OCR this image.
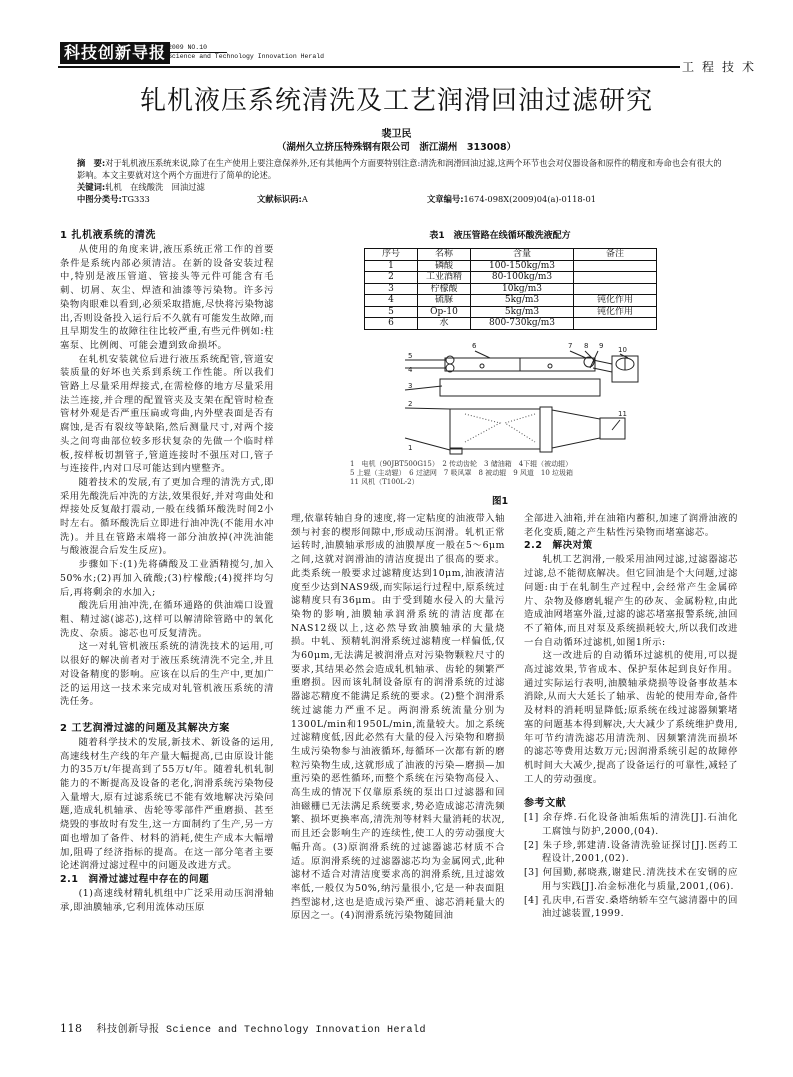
科技创新导报 2009 NO.10
Science and Technology Innovation Herald
工程技术
轧机液压系统清洗及工艺润滑回油过滤研究
裴卫民
（湖州久立挤压特殊钢有限公司　浙江湖州　313008）
摘　要:对于轧机液压系统来说,除了在生产使用上要注意保养外,还有其他两个方面要特别注意:清洗和润滑回油过滤,这两个环节也会对仪器设备和原件的精度和寿命也会有很大的影响。本文主要就对这个两个方面进行了简单的论述。
关键词:轧机　在线酸洗　回油过滤
中图分类号:TG333	文献标识码:A	文章编号:1674-098X(2009)04(a)-0118-01
1 扎机液系统的清洗

从使用的角度来讲,液压系统正常工作的首要条件是系统内部必须清洁。在新的设备安装过程中,特别是液压管道、管接头等元件可能含有毛刺、切屑、灰尘、焊渣和油漆等污染物。许多污染物肉眼难以看到,必须采取措施,尽快将污染物滤出,否则设备投入运行后不久就有可能发生故障,而且早期发生的故障往往比较严重,有些元件例如:柱塞泵、比例阀、可能会遭到致命损坏。

在轧机安装就位后进行液压系统配管,管道安装质量的好坏也关系到系统工作性能。所以我们管路上尽量采用焊接式,在需检修的地方尽量采用法兰连接,并合理的配置管夹及支架在配管时检查管材外观是否严重压扁或弯曲,内外壁表面是否有腐蚀,是否有裂纹等缺陷,然后测量尺寸,对两个接头之间弯曲部位较多形状复杂的先做一个临时样板,按样板切割管子,管道连接时不强压对口,管子与连接件,内对口尽可能达到内壁整齐。

随着技术的发展,有了更加合理的清洗方式,即采用先酸洗后冲洗的方法,效果很好,并对弯曲处和焊接处反复敲打震动,一般在线循环酸洗时间2小时左右。循环酸洗后立即进行油冲洗(不能用水冲洗)。并且在管路末端将一部分油放掉(冲洗油能与酸液混合后发生反应)。

步骤如下:(1)先将磷酸及工业酒精搅匀,加入50%水;(2)再加入硫酸;(3)柠檬酸;(4)搅拌均匀后,再将剩余的水加入;

酸洗后用油冲洗,在循环通路的供油端口设置粗、精过滤(滤芯),这样可以解清除管路中的氧化洗皮、杂质。滤芯也可反复清洗。

这一对轧管机液压系统的清洗技术的运用,可以很好的解决前者对于液压系统清洗不完全,并且对设备精度的影响。应该在以后的生产中,更加广泛的运用这一技术来完成对轧管机液压系统的清洗任务。

2 工艺润滑过滤的问题及其解决方案

随着科学技术的发展,新技术、新设备的运用,高速线材生产线的年产量大幅提高,已由原设计能力的35万t/年提高到了55万t/年。随着轧机轧制能力的不断提高及设备的老化,润滑系统污染物侵入量增大,原有过滤系统已不能有效地解决污染问题,造成轧机轴承、齿轮等零部件严重磨损、甚至烧毁的事故时有发生,这一方面制约了生产,另一方面也增加了备件、材料的消耗,使生产成本大幅增加,阻碍了经济指标的提高。在这一部分笔者主要论述润滑过滤过程中的问题及改进方式。

2.1　润滑过滤过程中存在的问题

(1)高速线材精轧机组中广泛采用动压润滑轴承,即油膜轴承,它利用流体动压原

表1　液压管路在线循环酸洗液配方
序号	名称	含量	备注
1	磷酸	100-150kg/m3	
2	工业酒精	80-100kg/m3	
3	柠檬酸	10kg/m3	
4	硫脲	5kg/m3	钝化作用
5	Op-10	5kg/m3	钝化作用
6	水	800-730kg/m3	
1
2
3
4
5
6	7 8 9 10
11
1　电机（90JBT500G15）　2 传动齿轮　3 储油箱　4下辊（被动辊）
5 上辊（主动辊）　6 过滤网　7 吸风罩　8 被动辊　9 风道　10 垃圾箱
11 风机（T100L-2）
图1

理,依靠转轴自身的速度,将一定粘度的油液带入轴颈与衬套的楔形间隙中,形成动压润滑。轧机正常运转时,油膜轴承形成的油膜厚度一般在5～6μm之间,这就对润滑油的清洁度提出了很高的要求。此类系统一般要求过滤精度达到10μm,油液清洁度至少达到NAS9级,而实际运行过程中,原系统过滤精度只有36μm。由于受到随水侵入的大量污染物的影响,油膜轴承润滑系统的清洁度都在NAS12级以上,这必然导致油膜轴承的大量烧损。中轧、预精轧润滑系统过滤精度一样偏低,仅为60μm,无法满足被润滑点对污染物颗粒尺寸的要求,其结果必然会造成轧机轴承、齿轮的频繁严重磨损。因而该轧制设备原有的润滑系统的过滤器滤芯精度不能满足系统的要求。(2)整个润滑系统过滤能力严重不足。两润滑系统流量分别为1300L/min和1950L/min,流量较大。加之系统过滤精度低,因此必然有大量的侵入污染物和磨损生成污染物参与油液循环,每循环一次都有新的磨粒污染物生成,这就形成了油液的污染—磨损—加重污染的恶性循环,而整个系统在污染物高侵入、高生成的情况下仅靠原系统的泵出口过滤器和回油磁栅已无法满足系统要求,势必造成滤芯清洗频繁、损坏更换率高,清洗剂等材料大量消耗的状况,而且还会影响生产的连续性,使工人的劳动强度大幅升高。(3)原润滑系统的过滤器滤芯材质不合适。原润滑系统的过滤器滤芯均为金属网式,此种滤材不适合对清洁度要求高的润滑系统,且过滤效率低,一般仅为50%,纳污量很小,它是一种表面阻挡型滤材,这也是造成污染严重、滤芯消耗量大的原因之一。(4)润滑系统污染物随回油

全部进入油箱,并在油箱内蓄积,加速了润滑油液的老化变质,随之产生粘性污染物而堵塞滤芯。

2.2　解决对策

轧机工艺润滑,一般采用油网过滤,过滤器滤芯过滤,总不能彻底解决。但它回油是个大问题,过滤问题:由于在轧制生产过程中,会经常产生金属碎片、杂物及修磨轧辊产生的砂灰、金属粉粒,由此造成油网堵塞外溢,过滤的滤芯堵塞报警系统,油回不了箱体,而且对泵及系统损耗较大,所以我们改进一台自动循环过滤机,如图1所示:

这一改进后的自动循环过滤机的使用,可以提高过滤效果,节省成本、保护泵体起到良好作用。通过实际运行表明,油膜轴承烧损等设备事故基本消除,从而大大延长了轴承、齿轮的使用寿命,备件及材料的消耗明显降低;原系统在线过滤器频繁堵塞的问题基本得到解决,大大减少了系统维护费用,年可节约清洗滤芯用清洗剂、因频繁清洗而损坏的滤芯等费用达数万元;因润滑系统引起的故障停机时间大大减少,提高了设备运行的可靠性,减轻了工人的劳动强度。

参考文献
[1] 余存烨.石化设备油垢焦垢的清洗[J].石油化工腐蚀与防护,2000,(04).
[2] 朱子珍,郭建清.设备清洗验证探讨[J].医药工程设计,2001,(02).
[3] 何国勤,郝晓燕,谢建民.清洗技术在安钢的应用与实践[J].冶金标准化与质量,2001,(06).
[4] 孔庆申,石晋安.桑塔纳轿车空气滤清器中的回油过滤装置,1999.
118 科技创新导报 Science and Technology Innovation Herald
